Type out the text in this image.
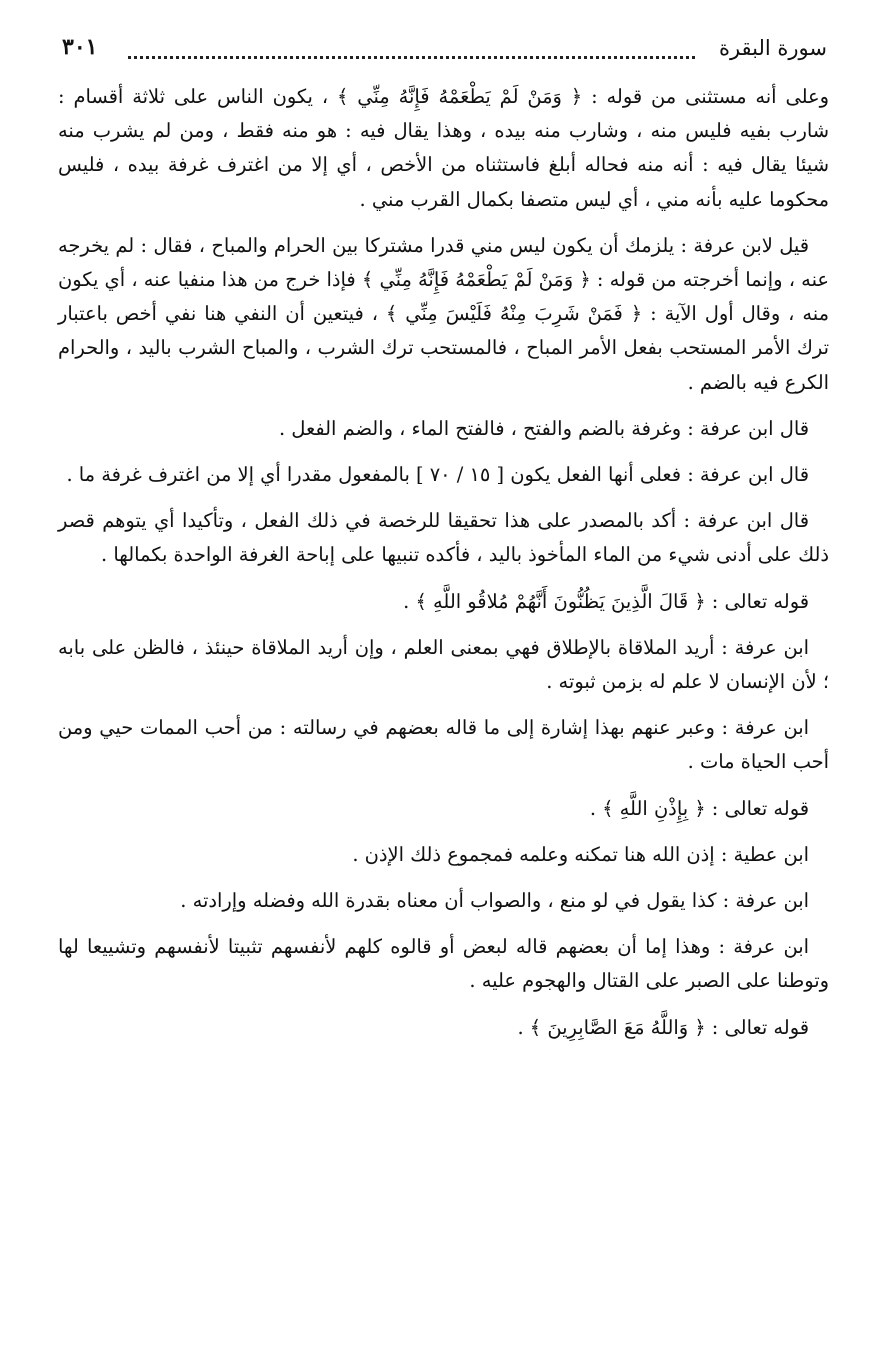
سورة البقرة
٣٠١

وعلى أنه مستثنى من قوله : ﴿ وَمَنْ لَمْ يَطْعَمْهُ فَإِنَّهُ مِنِّي ﴾ ، يكون الناس على ثلاثة أقسام : شارب بفيه فليس منه ، وشارب منه بيده ، وهذا يقال فيه : هو منه فقط ، ومن لم يشرب منه شيئا يقال فيه : أنه منه فحاله أبلغ فاستثناه من الأخص ، أي إلا من اغترف غرفة بيده ، فليس محكوما عليه بأنه مني ، أي ليس متصفا بكمال القرب مني .

قيل لابن عرفة : يلزمك أن يكون ليس مني قدرا مشتركا بين الحرام والمباح ، فقال : لم يخرجه عنه ، وإنما أخرجته من قوله : ﴿ وَمَنْ لَمْ يَطْعَمْهُ فَإِنَّهُ مِنِّي ﴾ فإذا خرج من هذا منفيا عنه ، أي يكون منه ، وقال أول الآية : ﴿ فَمَنْ شَرِبَ مِنْهُ فَلَيْسَ مِنِّي ﴾ ، فيتعين أن النفي هنا نفي أخص باعتبار ترك الأمر المستحب بفعل الأمر المباح ، فالمستحب ترك الشرب ، والمباح الشرب باليد ، والحرام الكرع فيه بالضم .

قال ابن عرفة : وغرفة بالضم والفتح ، فالفتح الماء ، والضم الفعل .

قال ابن عرفة : فعلى أنها الفعل يكون [ ١٥ / ٧٠ ] بالمفعول مقدرا أي إلا من اغترف غرفة ما .

قال ابن عرفة : أكد بالمصدر على هذا تحقيقا للرخصة في ذلك الفعل ، وتأكيدا أي يتوهم قصر ذلك على أدنى شيء من الماء المأخوذ باليد ، فأكده تنبيها على إباحة الغرفة الواحدة بكمالها .

قوله تعالى : ﴿ قَالَ الَّذِينَ يَظُنُّونَ أَنَّهُمْ مُلاقُو اللَّهِ ﴾ .

ابن عرفة : أريد الملاقاة بالإطلاق فهي بمعنى العلم ، وإن أريد الملاقاة حينئذ ، فالظن على بابه ؛ لأن الإنسان لا علم له بزمن ثبوته .

ابن عرفة : وعبر عنهم بهذا إشارة إلى ما قاله بعضهم في رسالته : من أحب الممات حيي ومن أحب الحياة مات .

قوله تعالى : ﴿ بِإِذْنِ اللَّهِ ﴾ .

ابن عطية : إذن الله هنا تمكنه وعلمه فمجموع ذلك الإذن .

ابن عرفة : كذا يقول في لو منع ، والصواب أن معناه بقدرة الله وفضله وإرادته .

ابن عرفة : وهذا إما أن بعضهم قاله لبعض أو قالوه كلهم لأنفسهم تثبيتا لأنفسهم وتشييعا لها وتوطنا على الصبر على القتال والهجوم عليه .

قوله تعالى : ﴿ وَاللَّهُ مَعَ الصَّابِرِينَ ﴾ .
